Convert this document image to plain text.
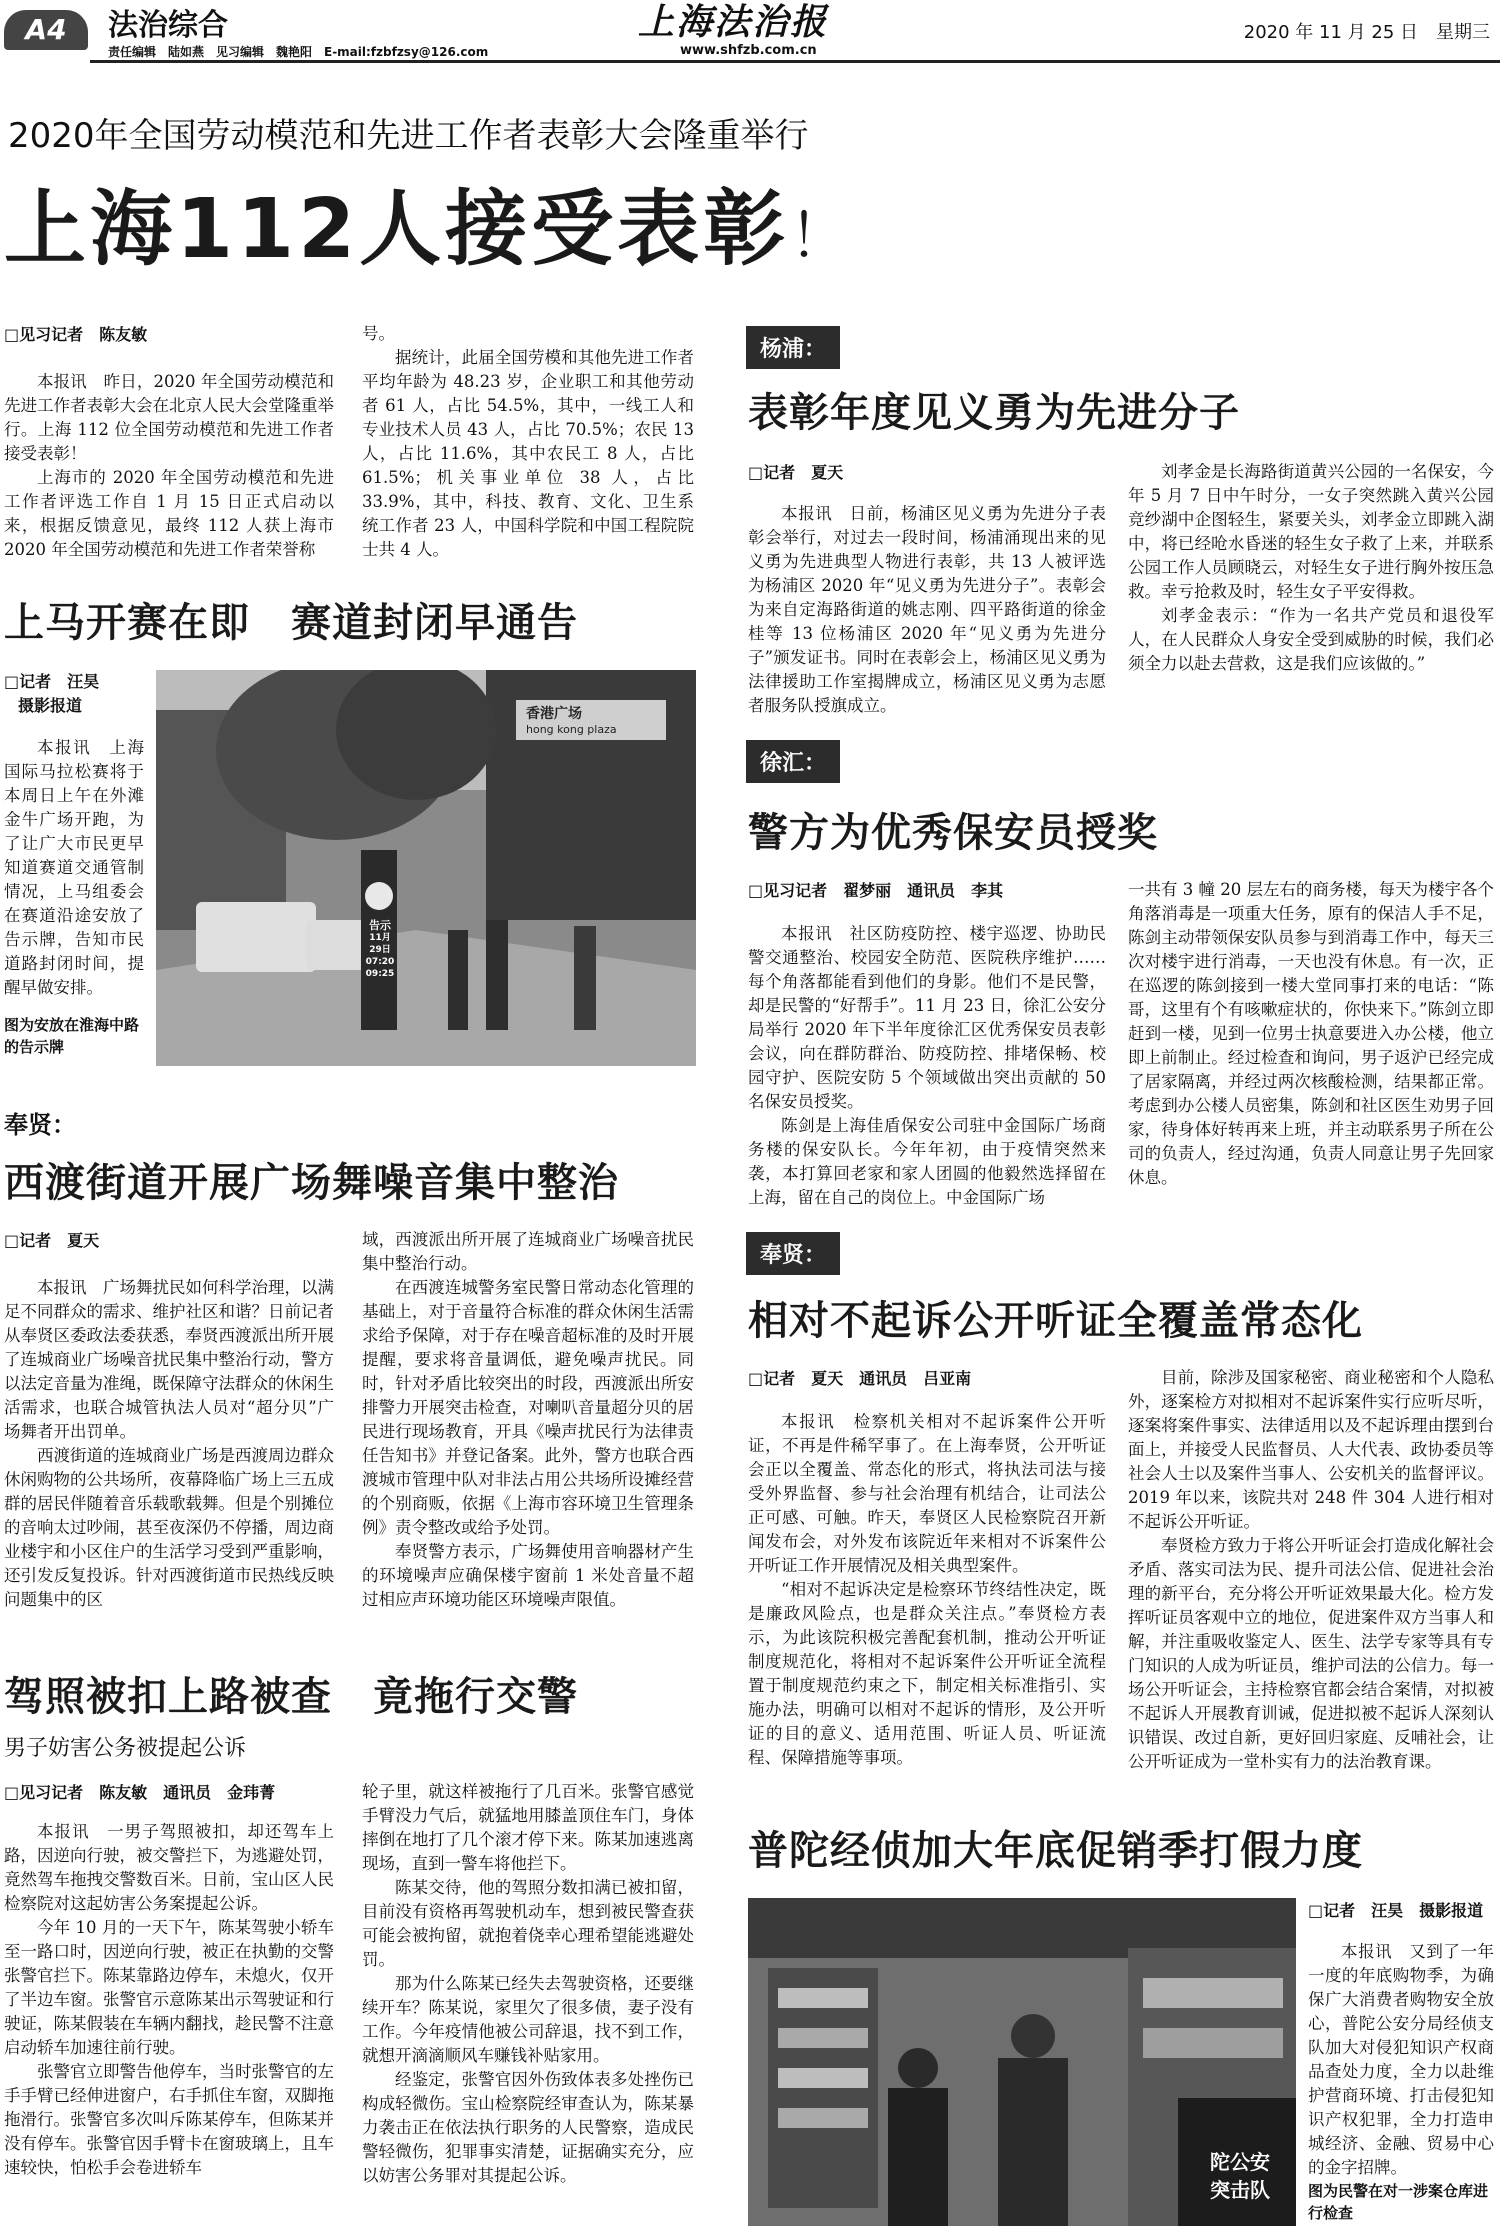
A4	法治综合
责任编辑　陆如燕　见习编辑　魏艳阳　E-mail:fzbfzsy@126.com
上海法治报
www.shfzb.com.cn
2020 年 11 月 25 日　星期三
2020年全国劳动模范和先进工作者表彰大会隆重举行
上海112人接受表彰！
□见习记者　陈友敏

本报讯　昨日，2020 年全国劳动模范和先进工作者表彰大会在北京人民大会堂隆重举行。上海 112 位全国劳动模范和先进工作者接受表彰！

上海市的 2020 年全国劳动模范和先进工作者评选工作自 1 月 15 日正式启动以来，根据反馈意见，最终 112 人获上海市 2020 年全国劳动模范和先进工作者荣誉称

号。

据统计，此届全国劳模和其他先进工作者平均年龄为 48.23 岁，企业职工和其他劳动者 61 人，占比 54.5%，其中，一线工人和专业技术人员 43 人，占比 70.5%；农民 13 人，占比 11.6%，其中农民工 8 人，占比 61.5%；机关事业单位 38 人，占比 33.9%，其中，科技、教育、文化、卫生系统工作者 23 人，中国科学院和中国工程院院士共 4 人。

杨浦：
表彰年度见义勇为先进分子
□记者　夏天

本报讯　日前，杨浦区见义勇为先进分子表彰会举行，对过去一段时间，杨浦涌现出来的见义勇为先进典型人物进行表彰，共 13 人被评选为杨浦区 2020 年“见义勇为先进分子”。表彰会为来自定海路街道的姚志刚、四平路街道的徐金桂等 13 位杨浦区 2020 年“见义勇为先进分子”颁发证书。同时在表彰会上，杨浦区见义勇为法律援助工作室揭牌成立，杨浦区见义勇为志愿者服务队授旗成立。

刘孝金是长海路街道黄兴公园的一名保安，今年 5 月 7 日中午时分，一女子突然跳入黄兴公园竞纱湖中企图轻生，紧要关头，刘孝金立即跳入湖中，将已经呛水昏迷的轻生女子救了上来，并联系公园工作人员顾晓云，对轻生女子进行胸外按压急救。幸亏抢救及时，轻生女子平安得救。

刘孝金表示：“作为一名共产党员和退役军人，在人民群众人身安全受到威胁的时候，我们必须全力以赴去营救，这是我们应该做的。”

上马开赛在即　赛道封闭早通告
□记者　汪昊
摄影报道

本报讯　上海国际马拉松赛将于本周日上午在外滩金牛广场开跑，为了让广大市民更早知道赛道交通管制情况，上马组委会在赛道沿途安放了告示牌，告知市民道路封闭时间，提醒早做安排。

图为安放在淮海中路的告示牌
香港广场
hong kong plaza
告示
11月29日
07:20
09:25
徐汇：
警方为优秀保安员授奖
□见习记者　翟梦丽　通讯员　李其

本报讯　社区防疫防控、楼宇巡逻、协助民警交通整治、校园安全防范、医院秩序维护……每个角落都能看到他们的身影。他们不是民警，却是民警的“好帮手”。11 月 23 日，徐汇公安分局举行 2020 年下半年度徐汇区优秀保安员表彰会议，向在群防群治、防疫防控、排堵保畅、校园守护、医院安防 5 个领域做出突出贡献的 50 名保安员授奖。

陈剑是上海佳盾保安公司驻中金国际广场商务楼的保安队长。今年年初，由于疫情突然来袭，本打算回老家和家人团圆的他毅然选择留在上海，留在自己的岗位上。中金国际广场

一共有 3 幢 20 层左右的商务楼，每天为楼宇各个角落消毒是一项重大任务，原有的保洁人手不足，陈剑主动带领保安队员参与到消毒工作中，每天三次对楼宇进行消毒，一天也没有休息。有一次，正在巡逻的陈剑接到一楼大堂同事打来的电话：“陈哥，这里有个有咳嗽症状的，你快来下。”陈剑立即赶到一楼，见到一位男士执意要进入办公楼，他立即上前制止。经过检查和询问，男子返沪已经完成了居家隔离，并经过两次核酸检测，结果都正常。考虑到办公楼人员密集，陈剑和社区医生劝男子回家，待身体好转再来上班，并主动联系男子所在公司的负责人，经过沟通，负责人同意让男子先回家休息。
奉贤：
西渡街道开展广场舞噪音集中整治
□记者　夏天

本报讯　广场舞扰民如何科学治理，以满足不同群众的需求、维护社区和谐？日前记者从奉贤区委政法委获悉，奉贤西渡派出所开展了连城商业广场噪音扰民集中整治行动，警方以法定音量为准绳，既保障守法群众的休闲生活需求，也联合城管执法人员对“超分贝”广场舞者开出罚单。

西渡街道的连城商业广场是西渡周边群众休闲购物的公共场所，夜幕降临广场上三五成群的居民伴随着音乐载歌载舞。但是个别摊位的音响太过吵闹，甚至夜深仍不停播，周边商业楼宇和小区住户的生活学习受到严重影响，还引发反复投诉。针对西渡街道市民热线反映问题集中的区

域，西渡派出所开展了连城商业广场噪音扰民集中整治行动。

在西渡连城警务室民警日常动态化管理的基础上，对于音量符合标准的群众休闲生活需求给予保障，对于存在噪音超标准的及时开展提醒，要求将音量调低，避免噪声扰民。同时，针对矛盾比较突出的时段，西渡派出所安排警力开展突击检查，对喇叭音量超分贝的居民进行现场教育，开具《噪声扰民行为法律责任告知书》并登记备案。此外，警方也联合西渡城市管理中队对非法占用公共场所设摊经营的个别商贩，依据《上海市容环境卫生管理条例》责令整改或给予处罚。

奉贤警方表示，广场舞使用音响器材产生的环境噪声应确保楼宇窗前 1 米处音量不超过相应声环境功能区环境噪声限值。

奉贤：
相对不起诉公开听证全覆盖常态化
□记者　夏天　通讯员　吕亚南

本报讯　检察机关相对不起诉案件公开听证，不再是件稀罕事了。在上海奉贤，公开听证会正以全覆盖、常态化的形式，将执法司法与接受外界监督、参与社会治理有机结合，让司法公正可感、可触。昨天，奉贤区人民检察院召开新闻发布会，对外发布该院近年来相对不诉案件公开听证工作开展情况及相关典型案件。

“相对不起诉决定是检察环节终结性决定，既是廉政风险点，也是群众关注点。”奉贤检方表示，为此该院积极完善配套机制，推动公开听证制度规范化，将相对不起诉案件公开听证全流程置于制度规范约束之下，制定相关标准指引、实施办法，明确可以相对不起诉的情形，及公开听证的目的意义、适用范围、听证人员、听证流程、保障措施等事项。

目前，除涉及国家秘密、商业秘密和个人隐私外，逐案检方对拟相对不起诉案件实行应听尽听，逐案将案件事实、法律适用以及不起诉理由摆到台面上，并接受人民监督员、人大代表、政协委员等社会人士以及案件当事人、公安机关的监督评议。2019 年以来，该院共对 248 件 304 人进行相对不起诉公开听证。

奉贤检方致力于将公开听证会打造成化解社会矛盾、落实司法为民、提升司法公信、促进社会治理的新平台，充分将公开听证效果最大化。检方发挥听证员客观中立的地位，促进案件双方当事人和解，并注重吸收鉴定人、医生、法学专家等具有专门知识的人成为听证员，维护司法的公信力。每一场公开听证会，主持检察官都会结合案情，对拟被不起诉人开展教育训诫，促进拟被不起诉人深刻认识错误、改过自新，更好回归家庭、反哺社会，让公开听证成为一堂朴实有力的法治教育课。

驾照被扣上路被查　竟拖行交警
男子妨害公务被提起公诉
□见习记者　陈友敏　通讯员　金玮菁

本报讯　一男子驾照被扣，却还驾车上路，因逆向行驶，被交警拦下，为逃避处罚，竟然驾车拖拽交警数百米。日前，宝山区人民检察院对这起妨害公务案提起公诉。

今年 10 月的一天下午，陈某驾驶小轿车至一路口时，因逆向行驶，被正在执勤的交警张警官拦下。陈某靠路边停车，未熄火，仅开了半边车窗。张警官示意陈某出示驾驶证和行驶证，陈某假装在车辆内翻找，趁民警不注意启动轿车加速往前行驶。

张警官立即警告他停车，当时张警官的左手手臂已经伸进窗户，右手抓住车窗，双脚拖拖滑行。张警官多次叫斥陈某停车，但陈某并没有停车。张警官因手臂卡在窗玻璃上，且车速较快，怕松手会卷进轿车

轮子里，就这样被拖行了几百米。张警官感觉手臂没力气后，就猛地用膝盖顶住车门，身体摔倒在地打了几个滚才停下来。陈某加速逃离现场，直到一警车将他拦下。

陈某交待，他的驾照分数扣满已被扣留，目前没有资格再驾驶机动车，想到被民警查获可能会被拘留，就抱着侥幸心理希望能逃避处罚。

那为什么陈某已经失去驾驶资格，还要继续开车？陈某说，家里欠了很多债，妻子没有工作。今年疫情他被公司辞退，找不到工作，就想开滴滴顺风车赚钱补贴家用。

经鉴定，张警官因外伤致体表多处挫伤已构成轻微伤。宝山检察院经审查认为，陈某暴力袭击正在依法执行职务的人民警察，造成民警轻微伤，犯罪事实清楚，证据确实充分，应以妨害公务罪对其提起公诉。

普陀经侦加大年底促销季打假力度
陀公安
突击队
□记者　汪昊　摄影报道

本报讯　又到了一年一度的年底购物季，为确保广大消费者购物安全放心，普陀公安分局经侦支队加大对侵犯知识产权商品查处力度，全力以赴维护营商环境、打击侵犯知识产权犯罪，全力打造申城经济、金融、贸易中心的金字招牌。

图为民警在对一涉案仓库进行检查
